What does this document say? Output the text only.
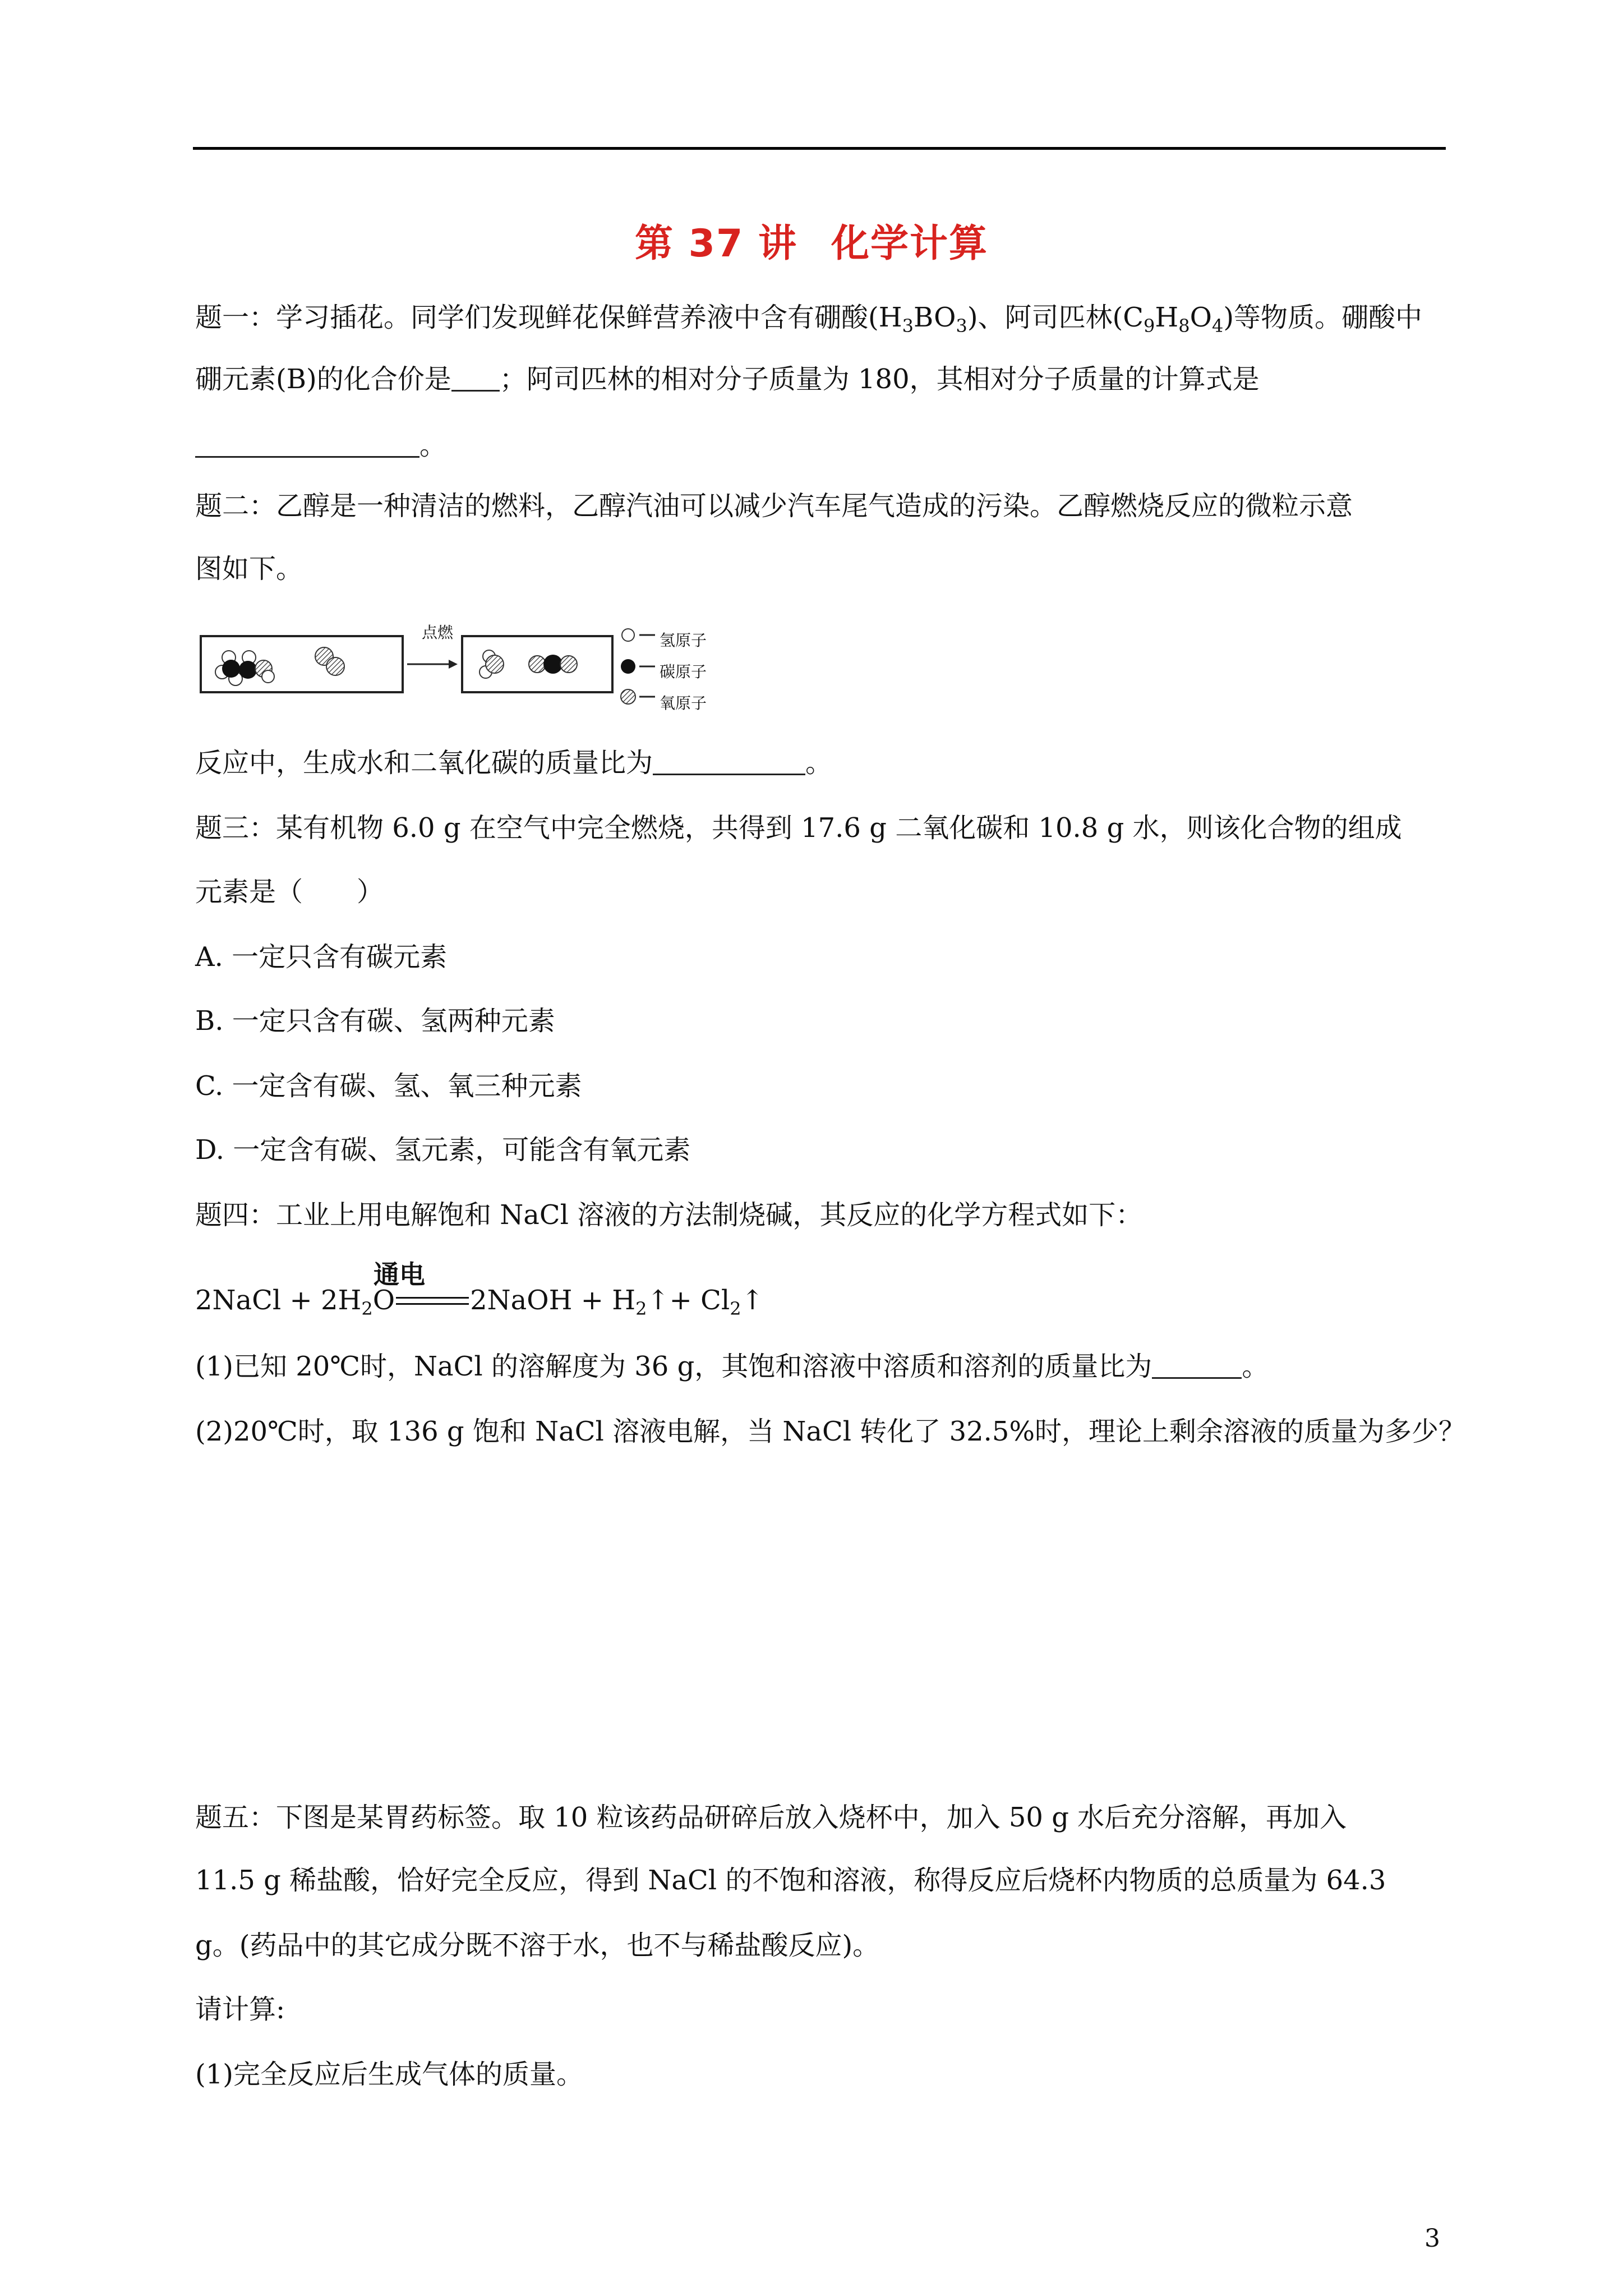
第 37 讲 化学计算
题一：学习插花。同学们发现鲜花保鲜营养液中含有硼酸$(H_3BO_3)$、阿司匹林$(C_9H_8O_4)$等物质。硼酸中
硼元素(B)的化合价是 ；阿司匹林的相对分子质量为 180，其相对分子质量的计算式是
。
题二：乙醇是一种清洁的燃料，乙醇汽油可以减少汽车尾气造成的污染。乙醇燃烧反应的微粒示意
图如下。
点燃	氢原子
碳原子
氧原子
反应中，生成水和二氧化碳的质量比为	。
题三：某有机物 6.0 g 在空气中完全燃烧，共得到 17.6 g 二氧化碳和 10.8 g 水，则该化合物的组成
元素是（　　）
A. 一定只含有碳元素
B. 一定只含有碳、氢两种元素
C. 一定含有碳、氢、氧三种元素
D. 一定含有碳、氢元素，可能含有氧元素
题四：工业上用电解饱和 NaCl 溶液的方法制烧碱，其反应的化学方程式如下：
通电
2NaCl + $2H_2O$	2NaOH + $H_2↑+$ $Cl_2↑$
(1)已知 20℃时，NaCl 的溶解度为 36 g，其饱和溶液中溶质和溶剂的质量比为	。
(2)20℃时，取 136 g 饱和 NaCl 溶液电解，当 NaCl 转化了 32.5%时，理论上剩余溶液的质量为多少？
题五：下图是某胃药标签。取 10 粒该药品研碎后放入烧杯中，加入 50 g 水后充分溶解，再加入
11.5 g 稀盐酸，恰好完全反应，得到 NaCl 的不饱和溶液，称得反应后烧杯内物质的总质量为 64.3
g。(药品中的其它成分既不溶于水，也不与稀盐酸反应)。
请计算:
(1)完全反应后生成气体的质量。
3
